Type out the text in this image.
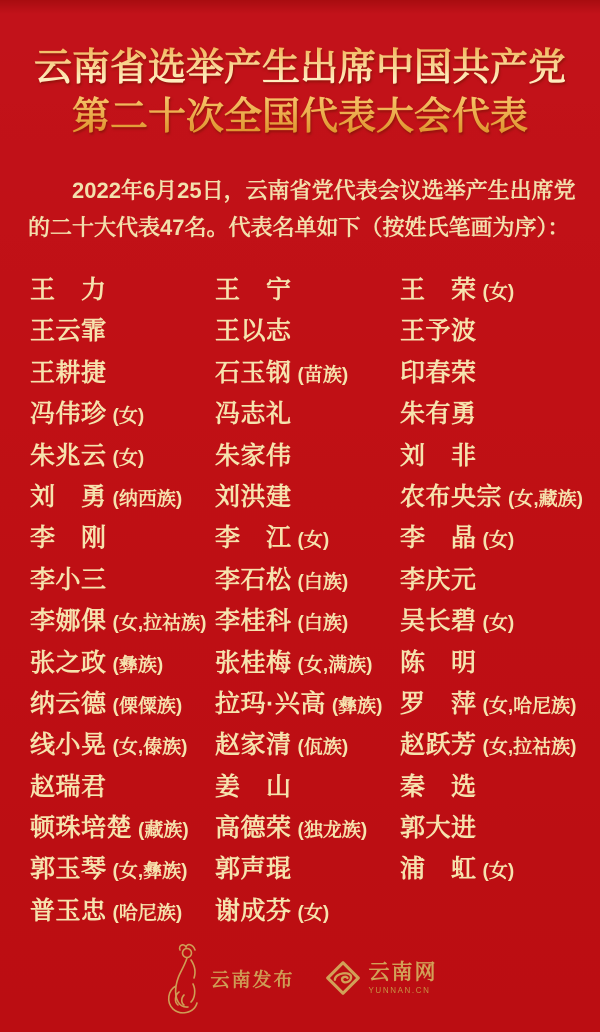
云南省选举产生出席中国共产党
第二十次全国代表大会代表
2022年6月25日，云南省党代表会议选举产生出席党
的二十大代表47名。代表名单如下（按姓氏笔画为序）：
王　力
王云霏
王耕捷
冯伟珍 (女)
朱兆云 (女)
刘　勇 (纳西族)
李　刚
李小三
李娜倮 (女,拉祜族)
张之政 (彝族)
纳云德 (傈僳族)
线小晃 (女,傣族)
赵瑞君
顿珠培楚 (藏族)
郭玉琴 (女,彝族)
普玉忠 (哈尼族)
王　宁
王以志
石玉钢 (苗族)
冯志礼
朱家伟
刘洪建
李　江 (女)
李石松 (白族)
李桂科 (白族)
张桂梅 (女,满族)
拉玛·兴高 (彝族)
赵家清 (佤族)
姜　山
高德荣 (独龙族)
郭声琨
谢成芬 (女)
王　荣 (女)
王予波
印春荣
朱有勇
刘　非
农布央宗 (女,藏族)
李　晶 (女)
李庆元
吴长碧 (女)
陈　明
罗　萍 (女,哈尼族)
赵跃芳 (女,拉祜族)
秦　选
郭大进
浦　虹 (女)
云南发布	云南网
YUNNAN.CN
